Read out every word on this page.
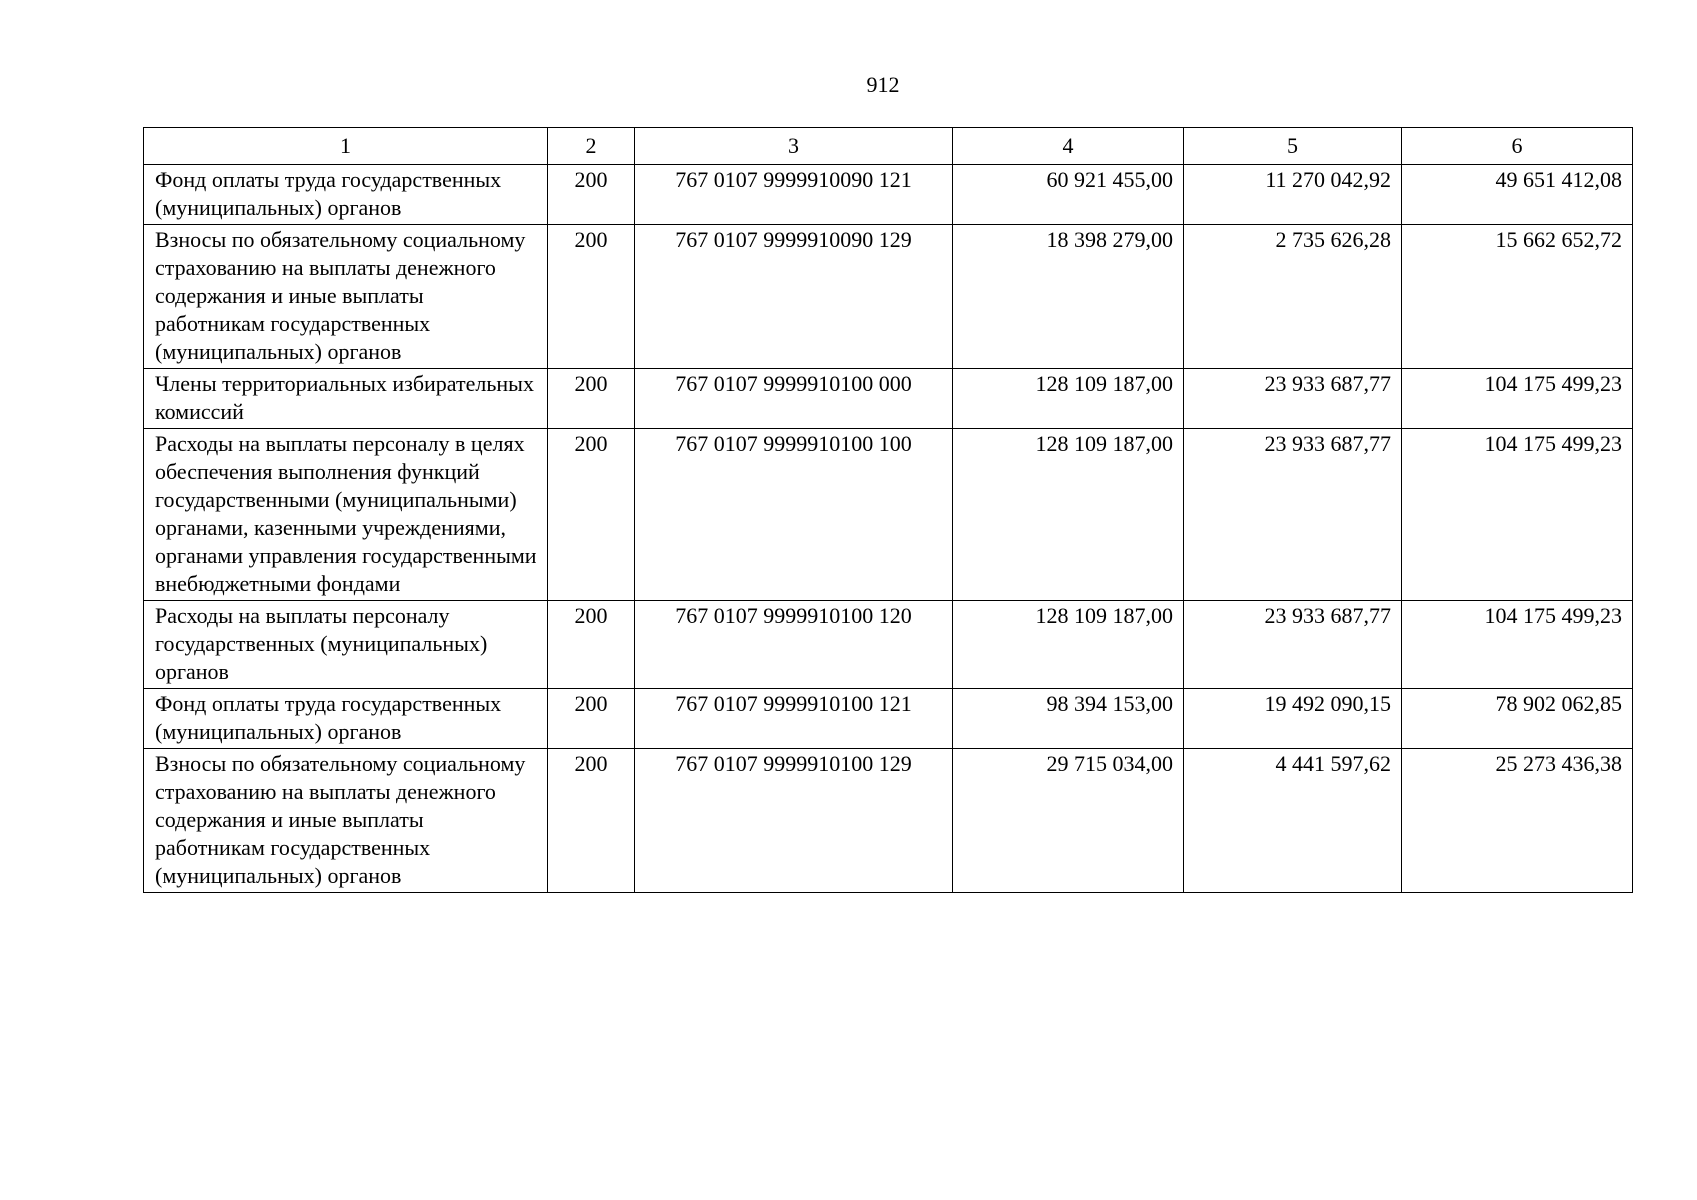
912
1	2	3	4	5	6
Фонд оплаты труда государственных (муниципальных) органов	200	767 0107 9999910090 121	60 921 455,00	11 270 042,92	49 651 412,08
Взносы по обязательному социальному страхованию на выплаты денежного содержания и иные выплаты работникам государственных (муниципальных) органов	200	767 0107 9999910090 129	18 398 279,00	2 735 626,28	15 662 652,72
Члены территориальных избирательных комиссий	200	767 0107 9999910100 000	128 109 187,00	23 933 687,77	104 175 499,23
Расходы на выплаты персоналу в целях обеспечения выполнения функций государственными (муниципальными) органами, казенными учреждениями, органами управления государственными внебюджетными фондами	200	767 0107 9999910100 100	128 109 187,00	23 933 687,77	104 175 499,23
Расходы на выплаты персоналу государственных (муниципальных) органов	200	767 0107 9999910100 120	128 109 187,00	23 933 687,77	104 175 499,23
Фонд оплаты труда государственных (муниципальных) органов	200	767 0107 9999910100 121	98 394 153,00	19 492 090,15	78 902 062,85
Взносы по обязательному социальному страхованию на выплаты денежного содержания и иные выплаты работникам государственных (муниципальных) органов	200	767 0107 9999910100 129	29 715 034,00	4 441 597,62	25 273 436,38
